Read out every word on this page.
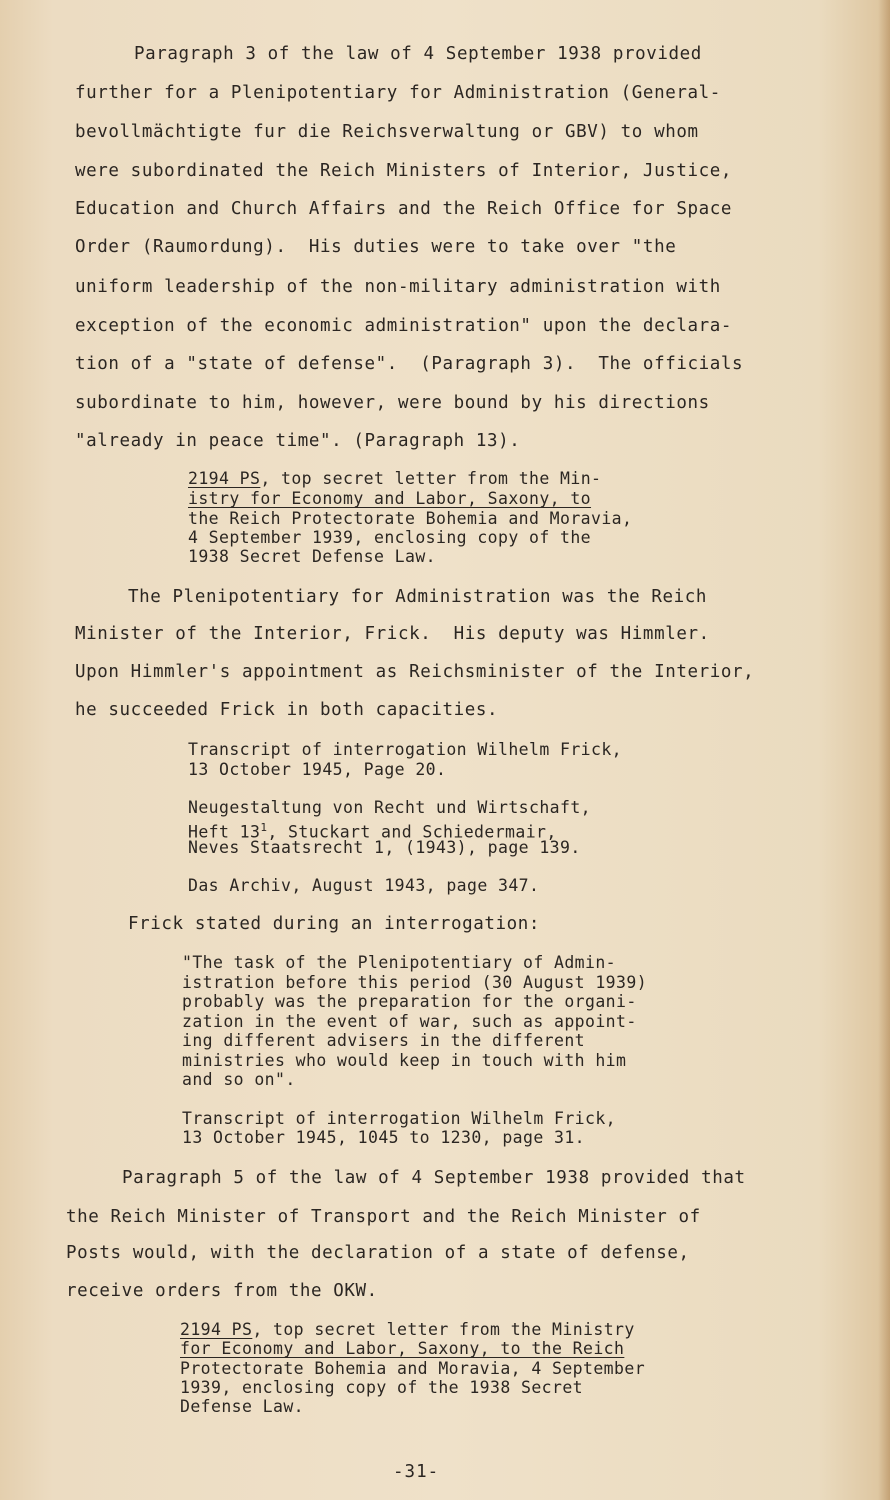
Paragraph 3 of the law of 4 September 1938 provided
further for a Plenipotentiary for Administration (General-
bevollmächtigte fur die Reichsverwaltung or GBV) to whom
were subordinated the Reich Ministers of Interior, Justice,
Education and Church Affairs and the Reich Office for Space
Order (Raumordung).  His duties were to take over "the
uniform leadership of the non-military administration with
exception of the economic administration" upon the declara-
tion of a "state of defense".  (Paragraph 3).  The officials
subordinate to him, however, were bound by his directions
"already in peace time". (Paragraph 13).
2194 PS, top secret letter from the Min-
istry for Economy and Labor, Saxony, to
the Reich Protectorate Bohemia and Moravia,
4 September 1939, enclosing copy of the
1938 Secret Defense Law.
The Plenipotentiary for Administration was the Reich
Minister of the Interior, Frick.  His deputy was Himmler.
Upon Himmler's appointment as Reichsminister of the Interior,
he succeeded Frick in both capacities.
Transcript of interrogation Wilhelm Frick,
13 October 1945, Page 20.
Neugestaltung von Recht und Wirtschaft,
Heft $13^1$, Stuckart and Schiedermair,
Neves Staatsrecht 1, (1943), page 139.
Das Archiv, August 1943, page 347.
Frick stated during an interrogation:
"The task of the Plenipotentiary of Admin-
istration before this period (30 August 1939)
probably was the preparation for the organi-
zation in the event of war, such as appoint-
ing different advisers in the different
ministries who would keep in touch with him
and so on".
Transcript of interrogation Wilhelm Frick,
13 October 1945, 1045 to 1230, page 31.
Paragraph 5 of the law of 4 September 1938 provided that
the Reich Minister of Transport and the Reich Minister of
Posts would, with the declaration of a state of defense,
receive orders from the OKW.
2194 PS, top secret letter from the Ministry
for Economy and Labor, Saxony, to the Reich
Protectorate Bohemia and Moravia, 4 September
1939, enclosing copy of the 1938 Secret
Defense Law.
-31-
